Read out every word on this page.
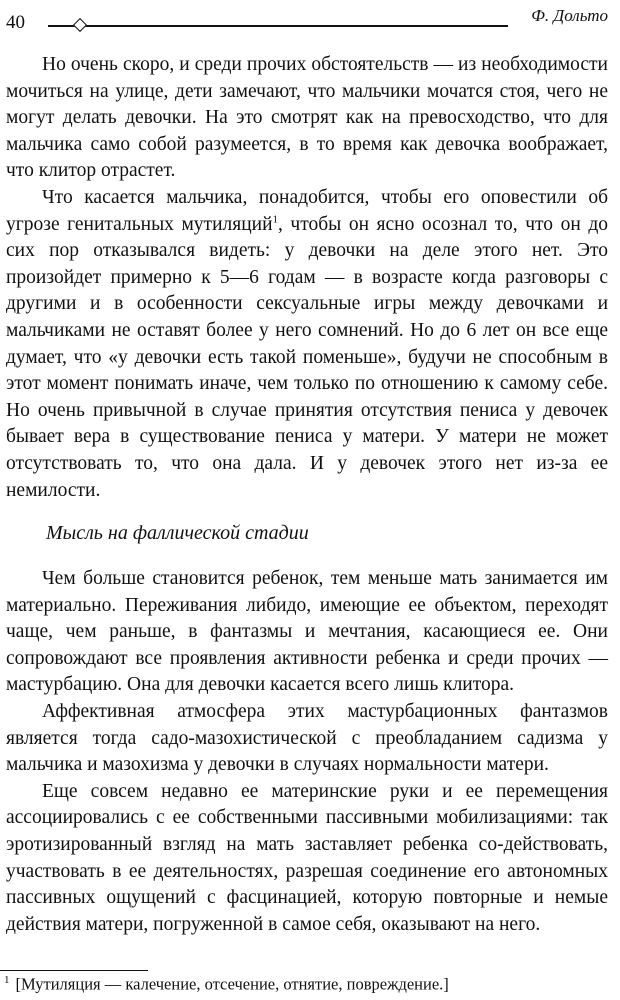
40	Ф. Дольто

Но очень скоро, и среди прочих обстоятельств — из необходимости мочиться на улице, дети замечают, что мальчики мочатся стоя, чего не могут делать девочки. На это смотрят как на превосходство, что для мальчика само собой разумеется, в то время как девочка воображает, что клитор отрастет.

Что касается мальчика, понадобится, чтобы его оповестили об угрозе генитальных мутиляций$^1$, чтобы он ясно осознал то, что он до сих пор отказывался видеть: у девочки на деле этого нет. Это произойдет примерно к 5—6 годам — в возрасте когда разговоры с другими и в особенности сексуальные игры между девочками и мальчиками не оставят более у него сомнений. Но до 6 лет он все еще думает, что «у девочки есть такой поменьше», будучи не способным в этот момент понимать иначе, чем только по отношению к самому себе. Но очень привычной в случае принятия отсутствия пениса у девочек бывает вера в существование пениса у матери. У матери не может отсутствовать то, что она дала. И у девочек этого нет из-за ее немилости.

Мысль на фаллической стадии

Чем больше становится ребенок, тем меньше мать занимается им материально. Переживания либидо, имеющие ее объектом, переходят чаще, чем раньше, в фантазмы и мечтания, касающиеся ее. Они сопровождают все проявления активности ребенка и среди прочих — мастурбацию. Она для девочки касается всего лишь клитора.

Аффективная атмосфера этих мастурбационных фантазмов является тогда садо-мазохистической с преобладанием садизма у мальчика и мазохизма у девочки в случаях нормальности матери.

Еще совсем недавно ее материнские руки и ее перемещения ассоциировались с ее собственными пассивными мобилизациями: так эротизированный взгляд на мать заставляет ребенка со-действовать, участвовать в ее деятельностях, разрешая соединение его автономных пассивных ощущений с фасцинацией, которую повторные и немые действия матери, погруженной в самое себя, оказывают на него.

$^1$ [Мутиляция — калечение, отсечение, отнятие, повреждение.]
